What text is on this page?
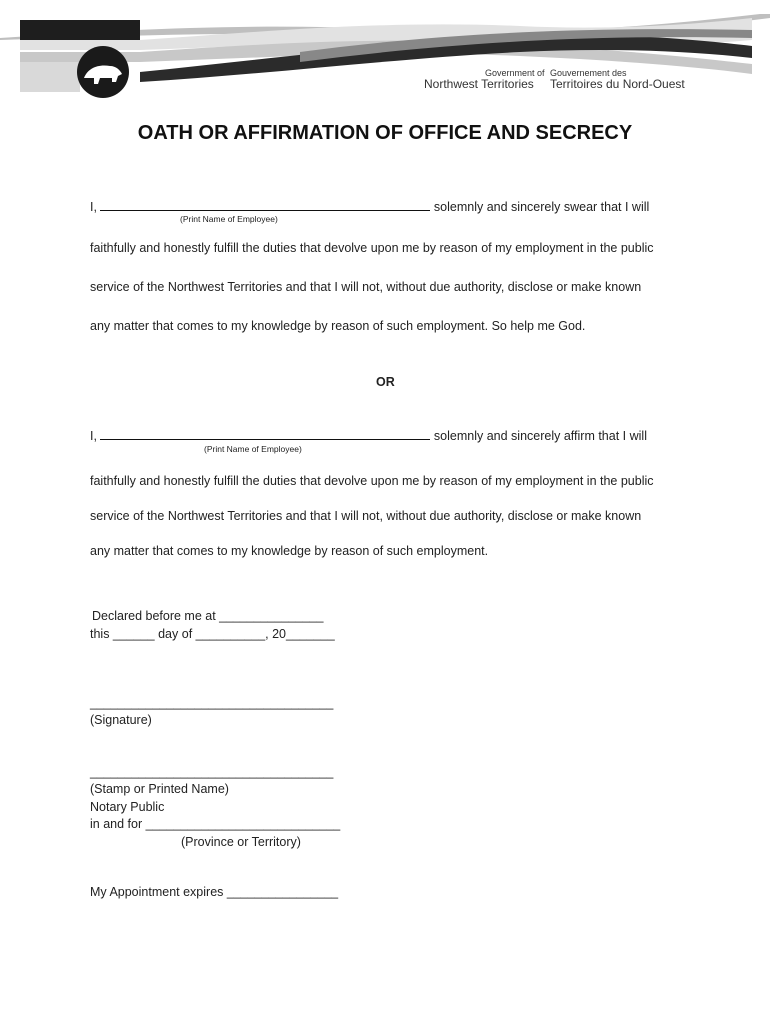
Government of
Northwest Territories
Gouvernement des
Territoires du Nord-Ouest
OATH OR AFFIRMATION OF OFFICE AND SECRECY
I,	solemnly and sincerely swear that I will
(Print Name of Employee)
faithfully and honestly fulfill the duties that devolve upon me by reason of my employment in the public
service of the Northwest Territories and that I will not, without due authority, disclose or make known
any matter that comes to my knowledge by reason of such employment. So help me God.
OR
I,	solemnly and sincerely affirm that I will
(Print Name of Employee)
faithfully and honestly fulfill the duties that devolve upon me by reason of my employment in the public
service of the Northwest Territories and that I will not, without due authority, disclose or make known
any matter that comes to my knowledge by reason of such employment.
Declared before me at _______________
this ______ day of __________, 20_______
___________________________________
(Signature)
___________________________________
(Stamp or Printed Name)
Notary Public
in and for ____________________________
(Province or Territory)
My Appointment expires ________________
